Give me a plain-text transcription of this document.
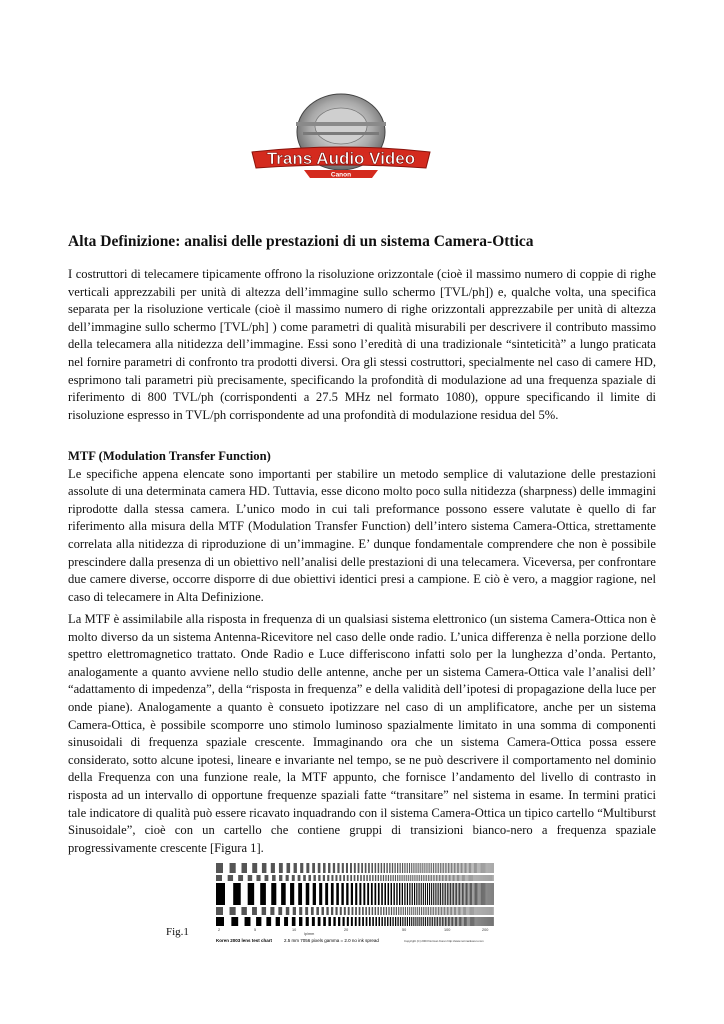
Trans Audio Video
Canon
Alta Definizione: analisi delle prestazioni di un sistema Camera-Ottica

I costruttori di telecamere tipicamente offrono la risoluzione orizzontale (cioè il massimo numero di coppie di righe verticali apprezzabili per unità di altezza dell’immagine sullo schermo [TVL/ph]) e, qualche volta, una specifica separata per la risoluzione verticale (cioè il massimo numero di righe orizzontali apprezzabile per unità di altezza dell’immagine sullo schermo [TVL/ph] ) come parametri di qualità misurabili per descrivere il contributo massimo della telecamera alla nitidezza dell’immagine. Essi sono l’eredità di una tradizionale “sinteticità” a lungo praticata nel fornire parametri di confronto tra prodotti diversi. Ora gli stessi costruttori, specialmente nel caso di camere HD, esprimono tali parametri più precisamente, specificando la profondità di modulazione ad una frequenza spaziale di riferimento di 800 TVL/ph (corrispondenti a 27.5 MHz nel formato 1080), oppure specificando il limite di risoluzione espresso in TVL/ph corrispondente ad una profondità di modulazione residua del 5%.

MTF (Modulation Transfer Function)
Le specifiche appena elencate sono importanti per stabilire un metodo semplice di valutazione delle prestazioni assolute di una determinata camera HD. Tuttavia, esse dicono molto poco sulla nitidezza (sharpness) delle immagini riprodotte dalla stessa camera. L’unico modo in cui tali preformance possono essere valutate è quello di far riferimento alla misura della MTF (Modulation Transfer Function) dell’intero sistema Camera-Ottica, strettamente correlata alla nitidezza di riproduzione di un’immagine. E’ dunque fondamentale comprendere che non è possibile prescindere dalla presenza di un obiettivo nell’analisi delle prestazioni di una telecamera. Viceversa, per confrontare due camere diverse, occorre disporre di due obiettivi identici presi a campione. E ciò è vero, a maggior ragione, nel caso di telecamere in Alta Definizione.

La MTF è assimilabile alla risposta in frequenza di un qualsiasi sistema elettronico (un sistema Camera-Ottica non è molto diverso da un sistema Antenna-Ricevitore nel caso delle onde radio. L’unica differenza è nella porzione dello spettro elettromagnetico trattato. Onde Radio e Luce differiscono infatti solo per la lunghezza d’onda. Pertanto, analogamente a quanto avviene nello studio delle antenne, anche per un sistema Camera-Ottica vale l’analisi dell’ “adattamento di impedenza”, della “risposta in frequenza” e della validità dell’ipotesi di propagazione della luce per onde piane). Analogamente a quanto è consueto ipotizzare nel caso di un amplificatore, anche per un sistema Camera-Ottica, è possibile scomporre uno stimolo luminoso spazialmente limitato in una somma di componenti sinusoidali di frequenza spaziale crescente. Immaginando ora che un sistema Camera-Ottica possa essere considerato, sotto alcune ipotesi, lineare e invariante nel tempo, se ne può descrivere il comportamento nel dominio della Frequenza con una funzione reale, la MTF appunto, che fornisce l’andamento del livello di contrasto in risposta ad un intervallo di opportune frequenze spaziali fatte “transitare” nel sistema in esame. In termini pratici tale indicatore di qualità può essere ricavato inquadrando con il sistema Camera-Ottica un tipico cartello “Multiburst Sinusoidale”, cioè con un cartello che contiene gruppi di transizioni bianco-nero a frequenza spaziale progressivamente crescente [Figura 1].

2	5	10	20	50	100	200
Koren 2003 lens test chart	2.5 mm 7056 pixels gamma = 2.0 no ink spread	Copyright (C) 2003 Norman Koren http://www.normankoren.com
lp/mm
Fig.1
